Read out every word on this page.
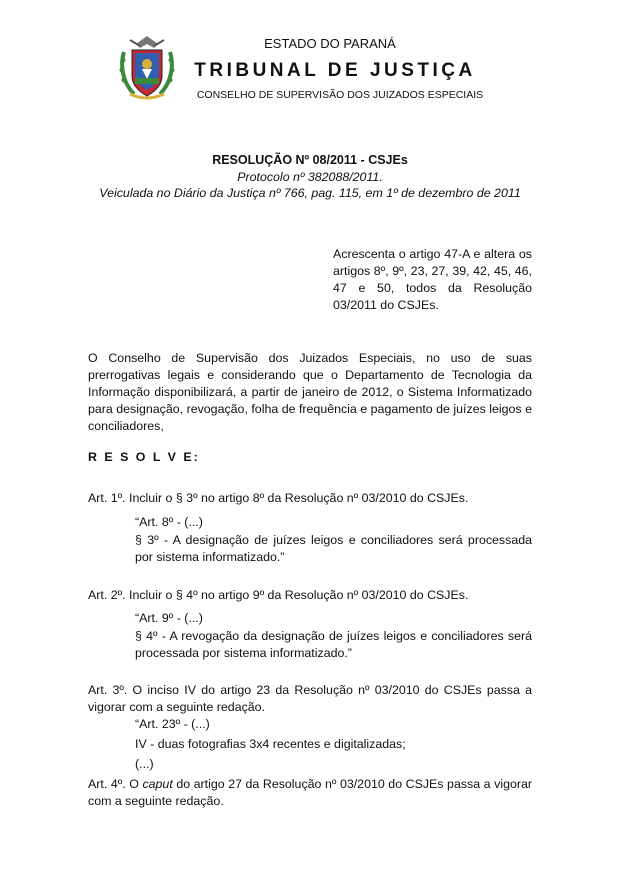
ESTADO DO PARANÁ
TRIBUNAL DE JUSTIÇA
CONSELHO DE SUPERVISÃO DOS JUIZADOS ESPECIAIS
RESOLUÇÃO Nº 08/2011 - CSJEs
Protocolo nº 382088/2011.
Veiculada no Diário da Justiça nº 766, pag. 115, em 1º de dezembro de 2011
Acrescenta o artigo 47-A e altera os artigos 8º, 9º, 23, 27, 39, 42, 45, 46, 47 e 50, todos da Resolução 03/2011 do CSJEs.
O Conselho de Supervisão dos Juizados Especiais, no uso de suas prerrogativas legais e considerando que o Departamento de Tecnologia da Informação disponibilizará, a partir de janeiro de 2012, o Sistema Informatizado para designação, revogação, folha de frequência e pagamento de juízes leigos e conciliadores,
R E S O L V E:
Art. 1º. Incluir o § 3º no artigo 8º da Resolução nº 03/2010 do CSJEs.
“Art. 8º - (...)
§ 3º - A designação de juízes leigos e conciliadores será processada por sistema informatizado.”
Art. 2º. Incluir o § 4º no artigo 9º da Resolução nº 03/2010 do CSJEs.
“Art. 9º - (...)
§ 4º - A revogação da designação de juízes leigos e conciliadores será processada por sistema informatizado.”
Art. 3º. O inciso IV do artigo 23 da Resolução nº 03/2010 do CSJEs passa a vigorar com a seguinte redação.
“Art. 23º - (...)
IV - duas fotografias 3x4 recentes e digitalizadas;
(...)
Art. 4º. O caput do artigo 27 da Resolução nº 03/2010 do CSJEs passa a vigorar com a seguinte redação.
